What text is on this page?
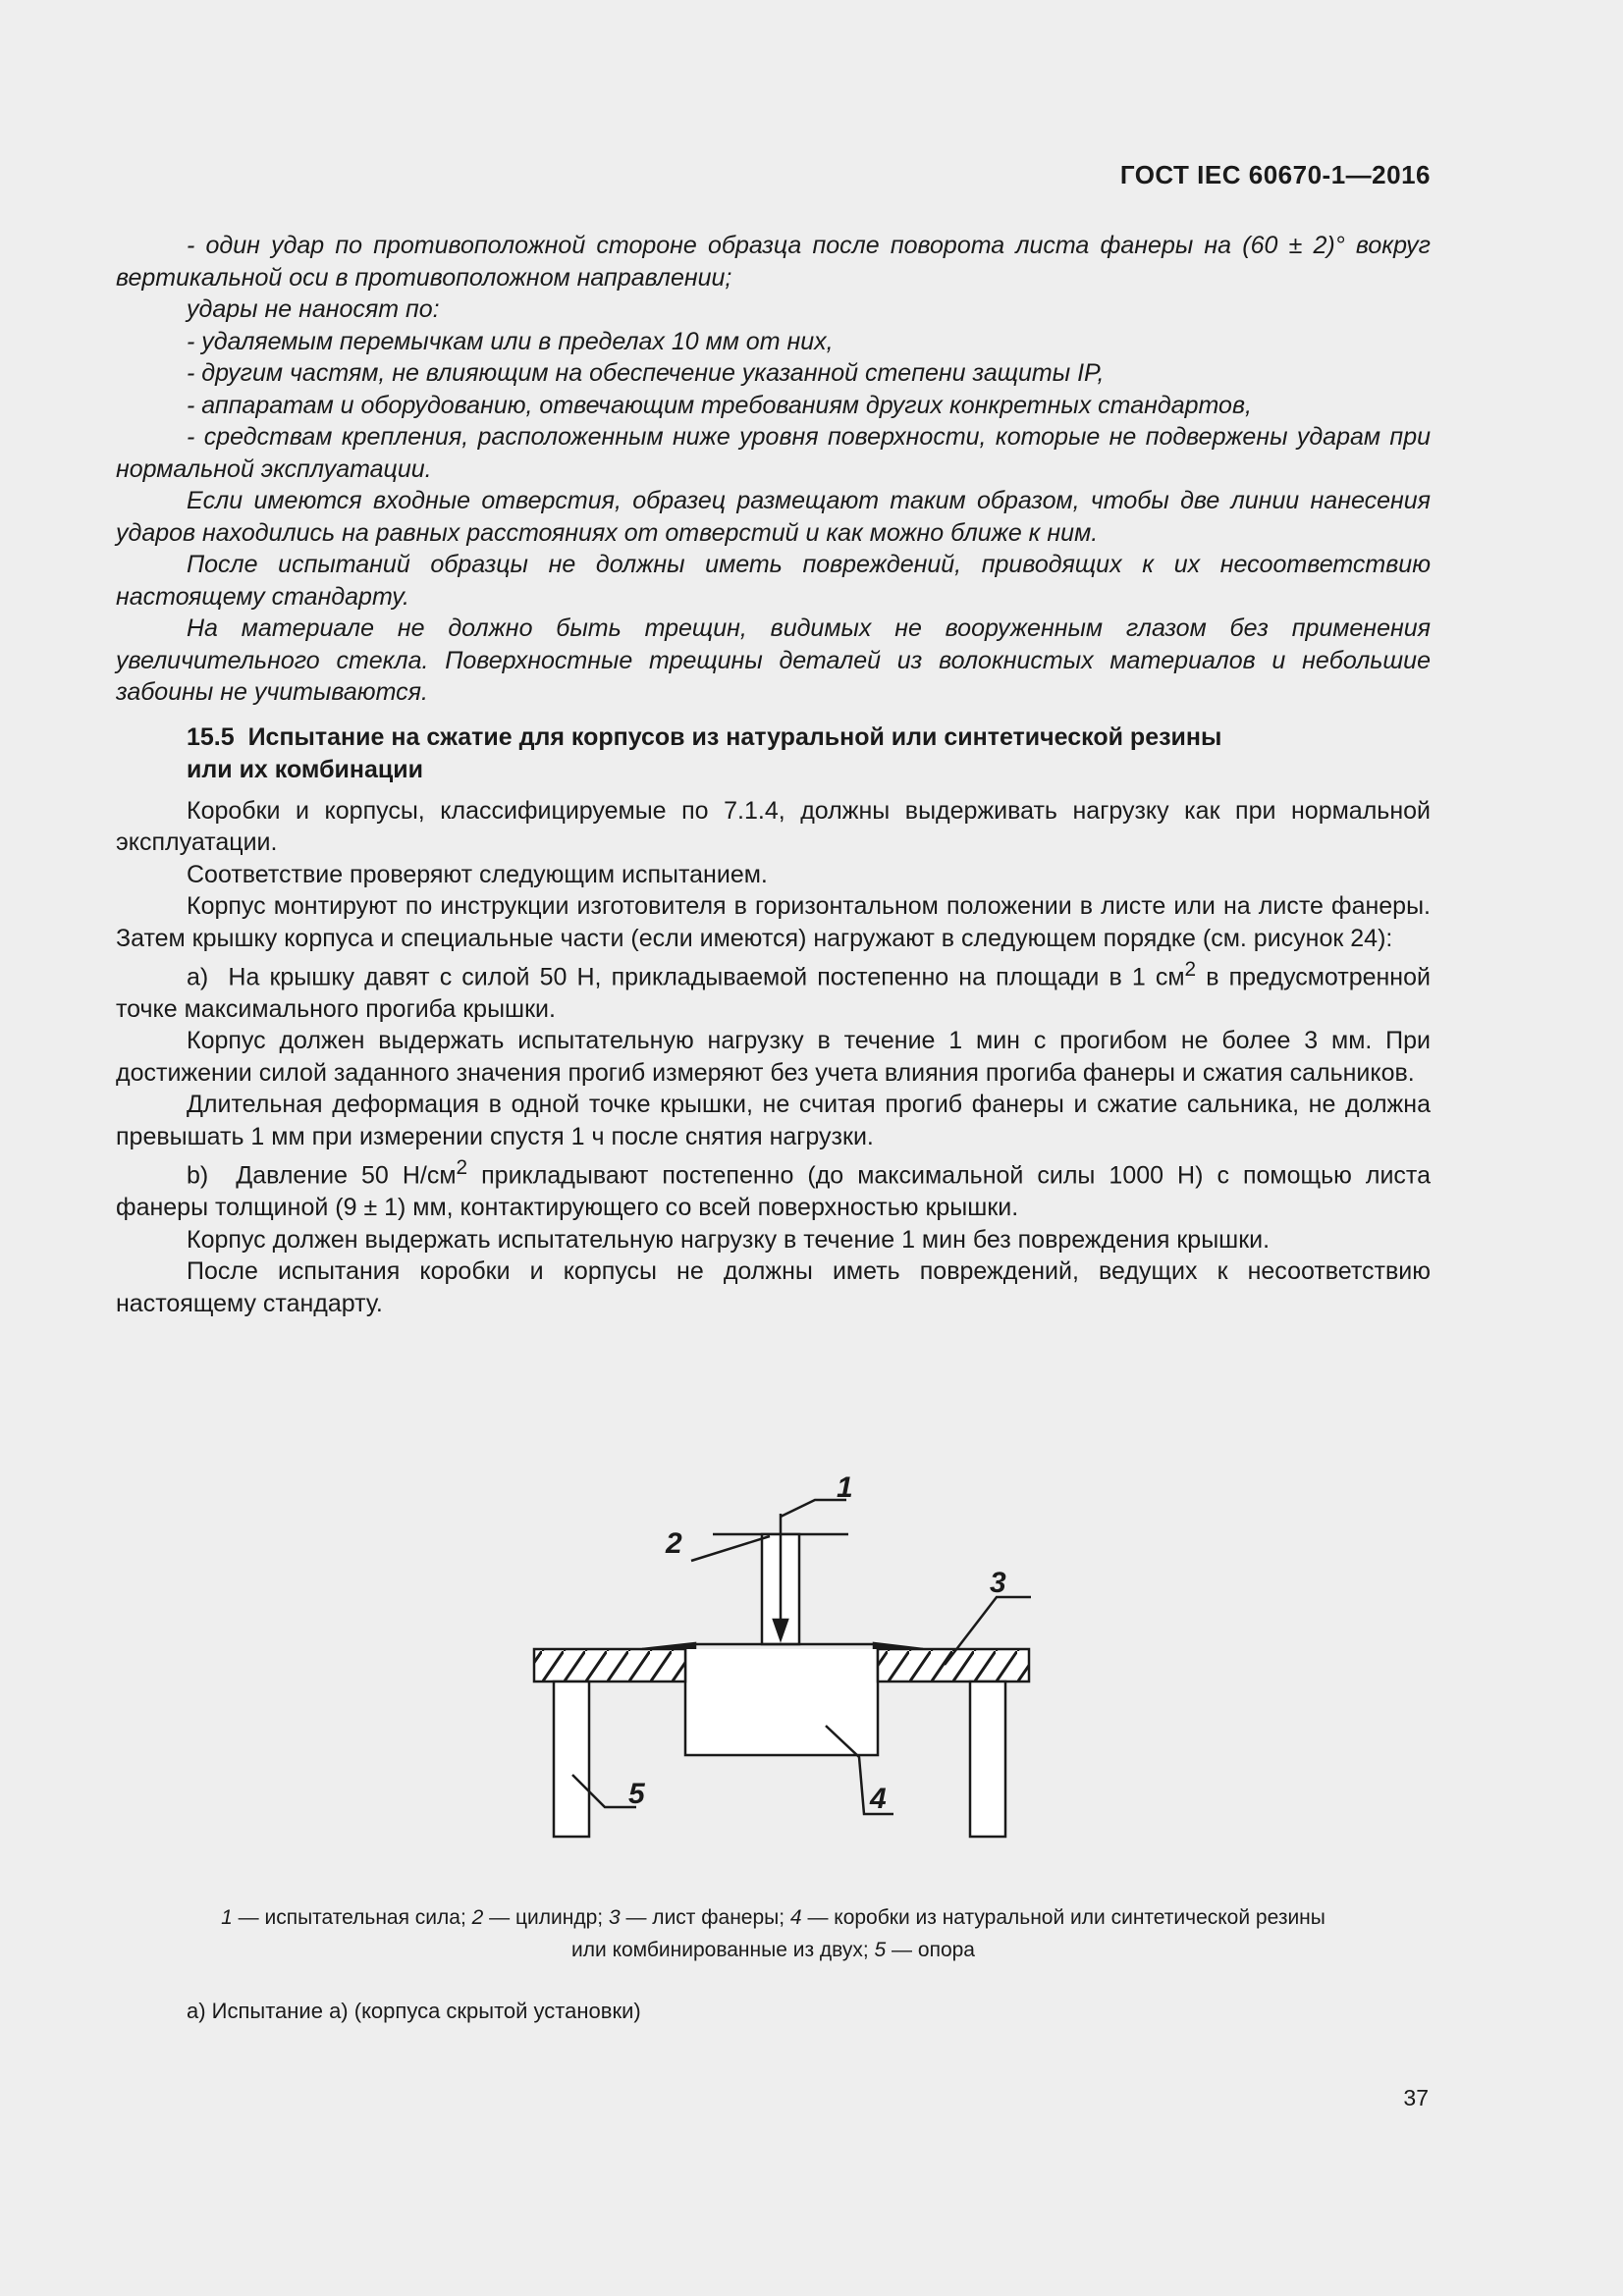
ГОСТ IEC 60670-1—2016

- один удар по противоположной стороне образца после поворота листа фанеры на (60 ± 2)° вокруг вертикальной оси в противоположном направлении;

удары не наносят по:

- удаляемым перемычкам или в пределах 10 мм от них,

- другим частям, не влияющим на обеспечение указанной степени защиты IP,

- аппаратам и оборудованию, отвечающим требованиям других конкретных стандартов,

- средствам крепления, расположенным ниже уровня поверхности, которые не подвержены ударам при нормальной эксплуатации.

Если имеются входные отверстия, образец размещают таким образом, чтобы две линии нанесения ударов находились на равных расстояниях от отверстий и как можно ближе к ним.

После испытаний образцы не должны иметь повреждений, приводящих к их несоответствию настоящему стандарту.

На материале не должно быть трещин, видимых не вооруженным глазом без применения увеличительного стекла. Поверхностные трещины деталей из волокнистых материалов и небольшие забоины не учитываются.

15.5 Испытание на сжатие для корпусов из натуральной или синтетической резины
или их комбинации

Коробки и корпусы, классифицируемые по 7.1.4, должны выдерживать нагрузку как при нормальной эксплуатации.

Соответствие проверяют следующим испытанием.

Корпус монтируют по инструкции изготовителя в горизонтальном положении в листе или на листе фанеры. Затем крышку корпуса и специальные части (если имеются) нагружают в следующем порядке (см. рисунок 24):

а) На крышку давят с силой 50 Н, прикладываемой постепенно на площади в 1 $см^2$ в предусмотренной точке максимального прогиба крышки.

Корпус должен выдержать испытательную нагрузку в течение 1 мин с прогибом не более 3 мм. При достижении силой заданного значения прогиб измеряют без учета влияния прогиба фанеры и сжатия сальников.

Длительная деформация в одной точке крышки, не считая прогиб фанеры и сжатие сальника, не должна превышать 1 мм при измерении спустя 1 ч после снятия нагрузки.

b) Давление 50 $Н/см^2$ прикладывают постепенно (до максимальной силы 1000 Н) с помощью листа фанеры толщиной (9 ± 1) мм, контактирующего со всей поверхностью крышки.

Корпус должен выдержать испытательную нагрузку в течение 1 мин без повреждения крышки.

После испытания коробки и корпусы не должны иметь повреждений, ведущих к несоответствию настоящему стандарту.

1
2
3
4
5
1 — испытательная сила; 2 — цилиндр; 3 — лист фанеры; 4 — коробки из натуральной или синтетической резины
или комбинированные из двух; 5 — опора
а) Испытание а) (корпуса скрытой установки)
37
